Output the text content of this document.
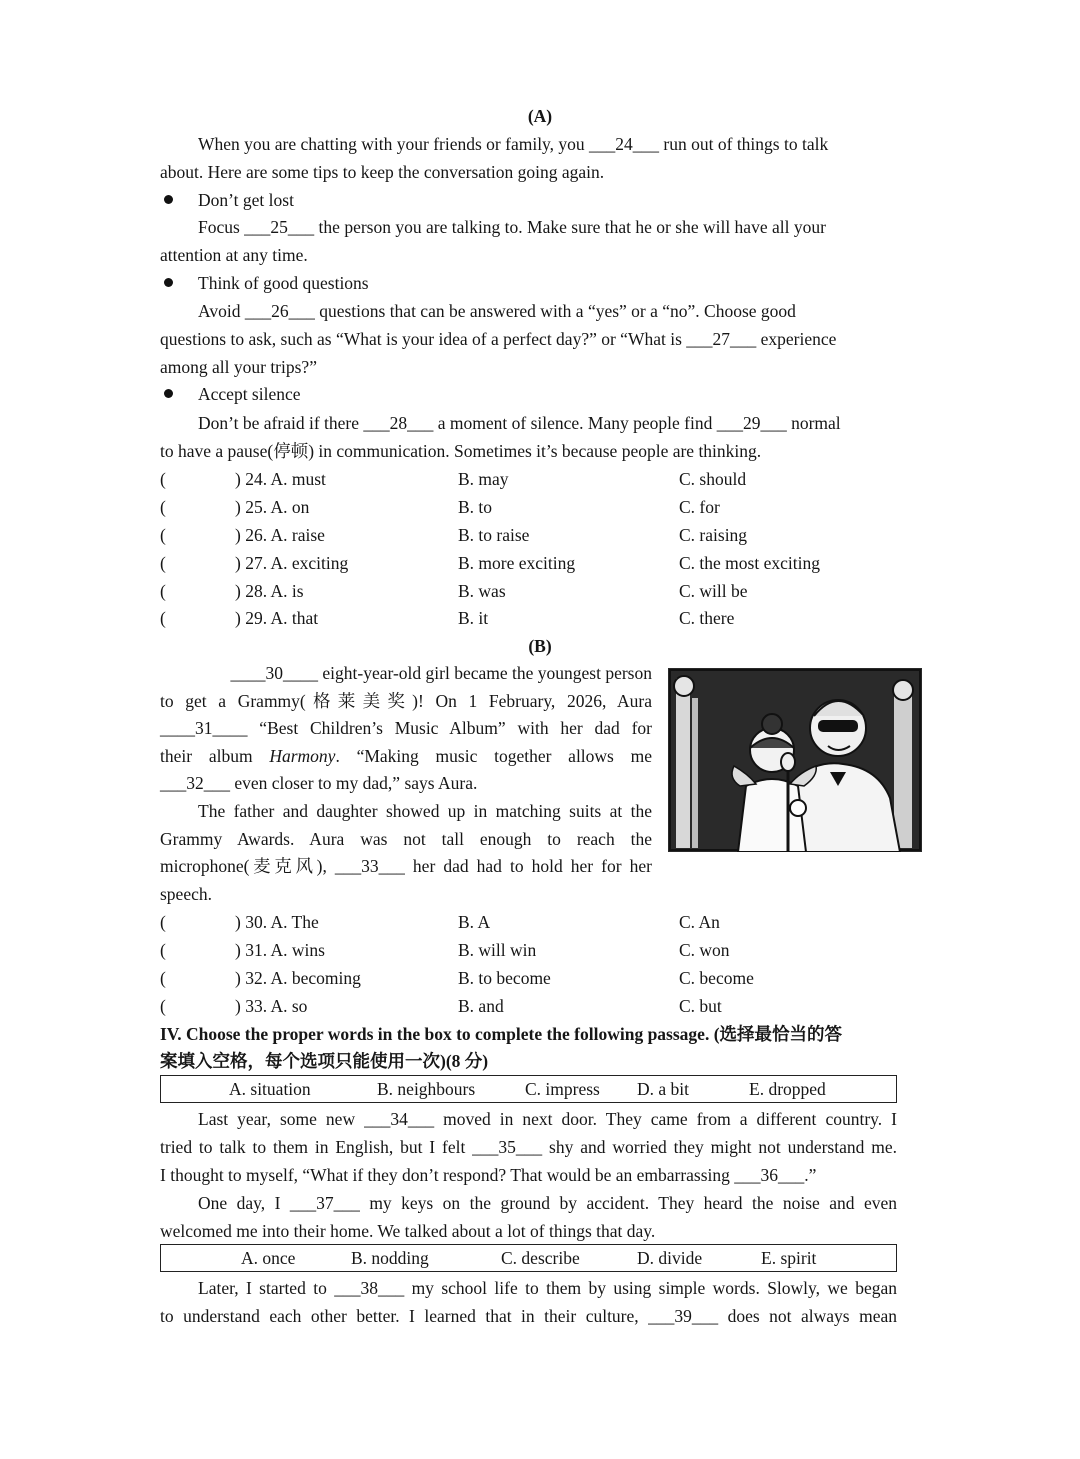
(A)
When you are chatting with your friends or family, you ___24___ run out of things to talk
about. Here are some tips to keep the conversation going again.
Don’t get lost
Focus ___25___ the person you are talking to. Make sure that he or she will have all your
attention at any time.
Think of good questions
Avoid ___26___ questions that can be answered with a “yes” or a “no”. Choose good
questions to ask, such as “What is your idea of a perfect day?” or “What is ___27___ experience
among all your trips?”
Accept silence
Don’t be afraid if there ___28___ a moment of silence. Many people find ___29___ normal
to have a pause(停顿) in communication. Sometimes it’s because people are thinking.
(	) 24. A. must	B. may	C. should
(	) 25. A. on	B. to	C. for
(	) 26. A. raise	B. to raise	C. raising
(	) 27. A. exciting	B. more exciting	C. the most exciting
(	) 28. A. is	B. was	C. will be
(	) 29. A. that	B. it	C. there
(B)
____30____ eight-year-old girl became the youngest person
to get a Grammy(格莱美奖)! On 1 February, 2026, Aura
____31____ “Best Children’s Music Album” with her dad for
their album Harmony. “Making music together allows me
___32___ even closer to my dad,” says Aura.
The father and daughter showed up in matching suits at the
Grammy Awards. Aura was not tall enough to reach the
microphone(麦克风), ___33___ her dad had to hold her for her
speech.
(	) 30. A. The	B. A	C. An
(	) 31. A. wins	B. will win	C. won
(	) 32. A. becoming	B. to become	C. become
(	) 33. A. so	B. and	C. but
IV. Choose the proper words in the box to complete the following passage. (选择最恰当的答
案填入空格，每个选项只能使用一次)(8 分)
A. situation	B. neighbours	C. impress D. a bit	E. dropped
Last year, some new ___34___ moved in next door. They came from a different country. I
tried to talk to them in English, but I felt ___35___ shy and worried they might not understand me.
I thought to myself, “What if they don’t respond? That would be an embarrassing ___36___.”
One day, I ___37___ my keys on the ground by accident. They heard the noise and even
welcomed me into their home. We talked about a lot of things that day.
A. once	B. nodding	C. describe	D. divide	E. spirit
Later, I started to ___38___ my school life to them by using simple words. Slowly, we began
to understand each other better. I learned that in their culture, ___39___ does not always mean
